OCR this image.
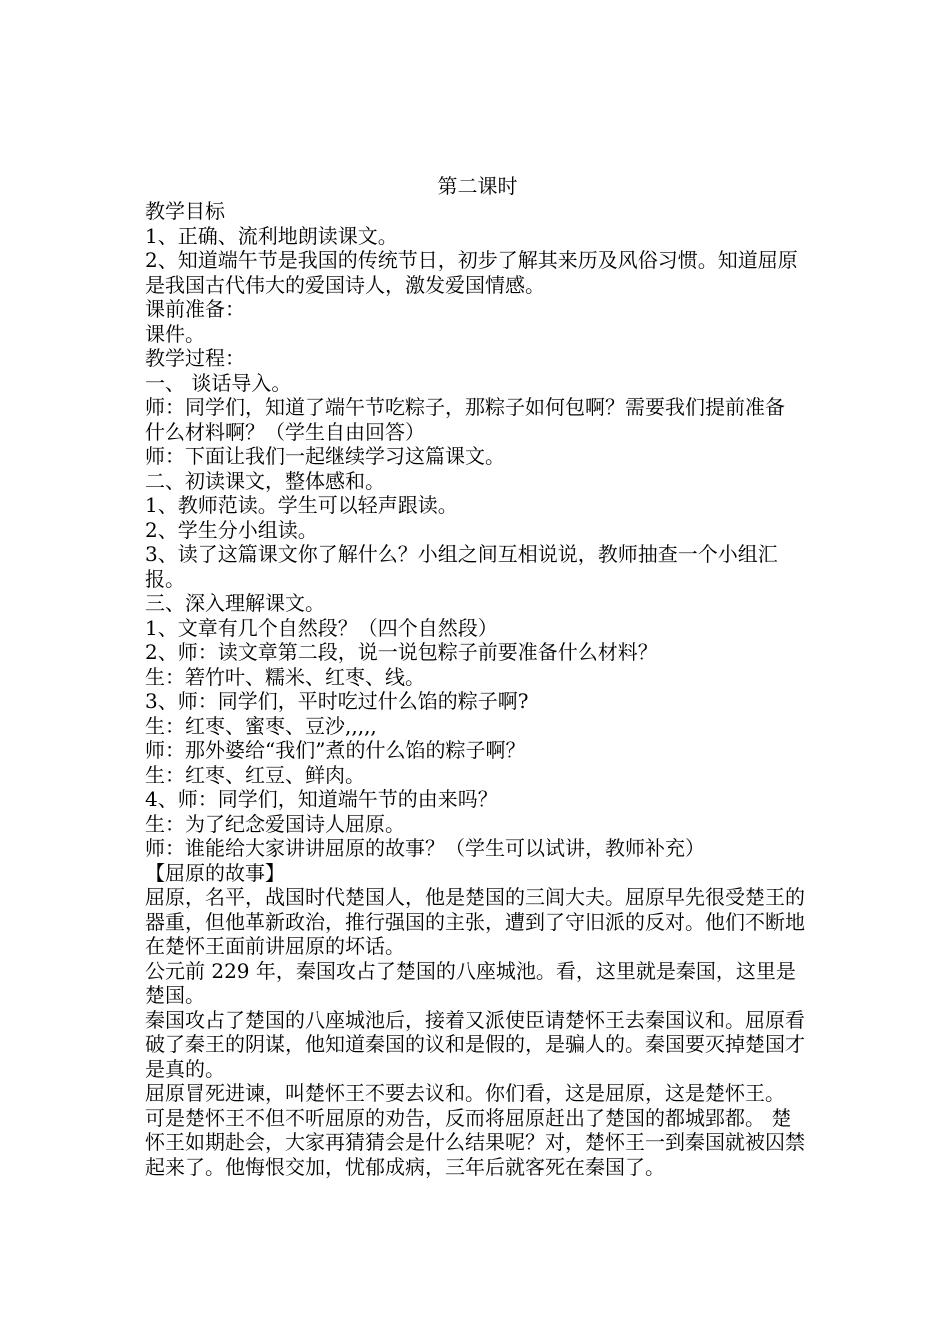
第二课时

教学目标

1、正确、流利地朗读课文。

2、知道端午节是我国的传统节日，初步了解其来历及风俗习惯。知道屈原是我国古代伟大的爱国诗人，激发爱国情感。

课前准备：

课件。

教学过程：

一、 谈话导入。

师：同学们，知道了端午节吃粽子，那粽子如何包啊？需要我们提前准备 什么材料啊？（学生自由回答）

师：下面让我们一起继续学习这篇课文。

二、初读课文，整体感和。

1、教师范读。学生可以轻声跟读。

2、学生分小组读。

3、读了这篇课文你了解什么？小组之间互相说说，教师抽查一个小组汇报。

三、深入理解课文。

1、文章有几个自然段？（四个自然段）

2、师：读文章第二段，说一说包粽子前要准备什么材料？

生：箬竹叶、糯米、红枣、线。

3、师：同学们，平时吃过什么馅的粽子啊?

生：红枣、蜜枣、豆沙,,,,,

师：那外婆给“我们”煮的什么馅的粽子啊？

生：红枣、红豆、鲜肉。

4、师：同学们，知道端午节的由来吗？

生：为了纪念爱国诗人屈原。

师：谁能给大家讲讲屈原的故事？（学生可以试讲，教师补充）

【屈原的故事】

屈原，名平，战国时代楚国人，他是楚国的三闾大夫。屈原早先很受楚王的器重，但他革新政治，推行强国的主张，遭到了守旧派的反对。他们不断地在楚怀王面前讲屈原的坏话。

公元前 229 年，秦国攻占了楚国的八座城池。看，这里就是秦国，这里是楚国。

秦国攻占了楚国的八座城池后，接着又派使臣请楚怀王去秦国议和。屈原看破了秦王的阴谋，他知道秦国的议和是假的，是骗人的。秦国要灭掉楚国才是真的。

屈原冒死进谏，叫楚怀王不要去议和。你们看，这是屈原，这是楚怀王。 可是楚怀王不但不听屈原的劝告，反而将屈原赶出了楚国的都城郢都。 楚怀王如期赴会，大家再猜猜会是什么结果呢？对，楚怀王一到秦国就被囚禁起来了。他悔恨交加，忧郁成病，三年后就客死在秦国了。
